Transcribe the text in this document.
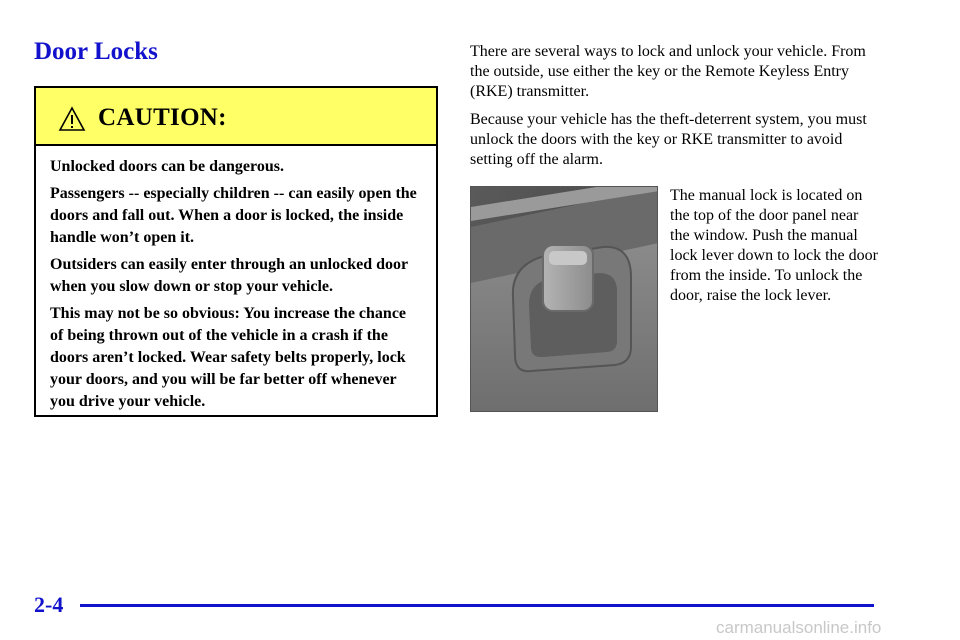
Door Locks
CAUTION:

Unlocked doors can be dangerous.

Passengers -- especially children -- can easily open the doors and fall out. When a door is locked, the inside handle won’t open it.

Outsiders can easily enter through an unlocked door when you slow down or stop your vehicle.

This may not be so obvious: You increase the chance of being thrown out of the vehicle in a crash if the doors aren’t locked. Wear safety belts properly, lock your doors, and you will be far better off whenever you drive your vehicle.

There are several ways to lock and unlock your vehicle. From the outside, use either the key or the Remote Keyless Entry (RKE) transmitter.

Because your vehicle has the theft-deterrent system, you must unlock the doors with the key or RKE transmitter to avoid setting off the alarm.

The manual lock is located on the top of the door panel near the window. Push the manual lock lever down to lock the door from the inside. To unlock the door, raise the lock lever.

2-4
carmanualsonline.info
